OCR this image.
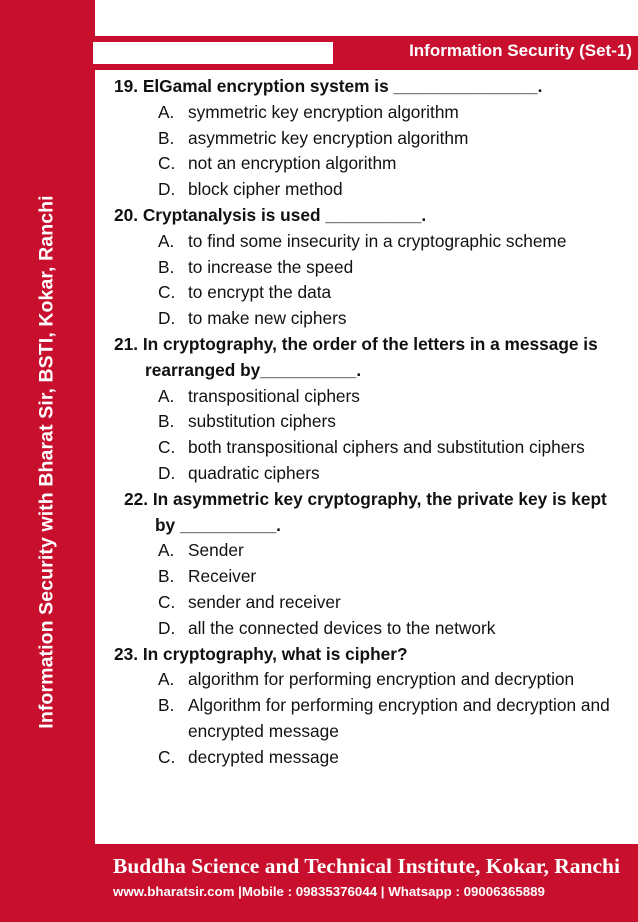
Information Security with Bharat Sir, BSTI, Kokar, Ranchi
Information Security (Set-1)
19. ElGamal encryption system is _______________.
A. symmetric key encryption algorithm
B. asymmetric key encryption algorithm
C. not an encryption algorithm
D. block cipher method
20. Cryptanalysis is used __________.
A. to find some insecurity in a cryptographic scheme
B. to increase the speed
C. to encrypt the data
D. to make new ciphers
21. In cryptography, the order of the letters in a message is rearranged by__________.
A. transpositional ciphers
B. substitution ciphers
C. both transpositional ciphers and substitution ciphers
D. quadratic ciphers
22. In asymmetric key cryptography, the private key is kept by __________.
A. Sender
B. Receiver
C. sender and receiver
D. all the connected devices to the network
23. In cryptography, what is cipher?
A. algorithm for performing encryption and decryption
B. Algorithm for performing encryption and decryption and encrypted message
C. decrypted message
Buddha Science and Technical Institute, Kokar, Ranchi
www.bharatsir.com |Mobile : 09835376044 | Whatsapp : 09006365889
